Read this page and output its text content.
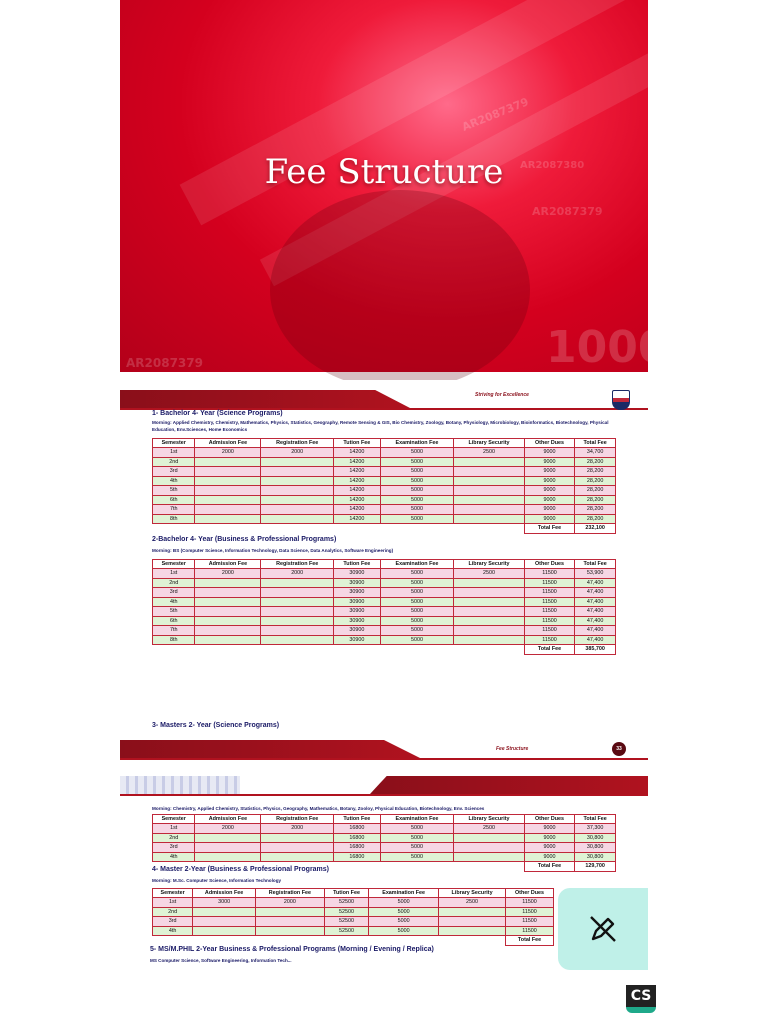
AR2087379
AR2087380
AR2087379
AR2087379	1000
Fee Structure
Striving for Excellence
1- Bachelor 4- Year (Science Programs)
Morning: Applied Chemistry, Chemistry, Mathematics, Physics, Statistics, Geography, Remote Sensing & GIS, Bio Chemistry, Zoology, Botany, Physiology, Microbiology, Bioinformatics, Biotechnology, Physical Education, Env.Sciences, Home Economics
Semester	Admission Fee	Registration Fee	Tution Fee	Examination Fee	Library Security	Other Dues	Total Fee
1st	2000	2000	14200	5000	2500	9000	34,700
2nd			14200	5000		9000	28,200
3rd			14200	5000		9000	28,200
4th			14200	5000		9000	28,200
5th			14200	5000		9000	28,200
6th			14200	5000		9000	28,200
7th			14200	5000		9000	28,200
8th			14200	5000		9000	28,200
						Total Fee	232,100
2-Bachelor 4- Year (Business & Professional Programs)
Morning: BS (Computer Science, Information Technology, Data Science, Data Analytics, Software Engineering)
Semester	Admission Fee	Registration Fee	Tution Fee	Examination Fee	Library Security	Other Dues	Total Fee
1st	2000	2000	30900	5000	2500	11500	53,900
2nd			30900	5000		11500	47,400
3rd			30900	5000		11500	47,400
4th			30900	5000		11500	47,400
5th			30900	5000		11500	47,400
6th			30900	5000		11500	47,400
7th			30900	5000		11500	47,400
8th			30900	5000		11500	47,400
						Total Fee	385,700
3- Masters 2- Year (Science Programs)
Fee Structure	33
Morning: Chemistry, Applied Chemistry, Statistics, Physics, Geography, Mathematics, Botany, Zooloy, Physical Education, Biotechnology, Env. Sciences
Semester	Admission Fee	Registration Fee	Tution Fee	Examination Fee	Library Security	Other Dues	Total Fee
1st	2000	2000	16800	5000	2500	9000	37,300
2nd			16800	5000		9000	30,800
3rd			16800	5000		9000	30,800
4th			16800	5000		9000	30,800
						Total Fee	129,700
4- Master 2-Year (Business & Professional Programs)
Morning: M.Sc. Computer Science, Information Technology
Semester	Admission Fee	Registration Fee	Tution Fee	Examination Fee	Library Security	Other Dues
1st	3000	2000	52500	5000	2500	11500
2nd			52500	5000		11500
3rd			52500	5000		11500
4th			52500	5000		11500
						Total Fee
5- MS/M.PHIL 2-Year Business & Professional Programs (Morning / Evening / Replica)
MS Computer Science, Software Engineering, Information Tech...
CS
